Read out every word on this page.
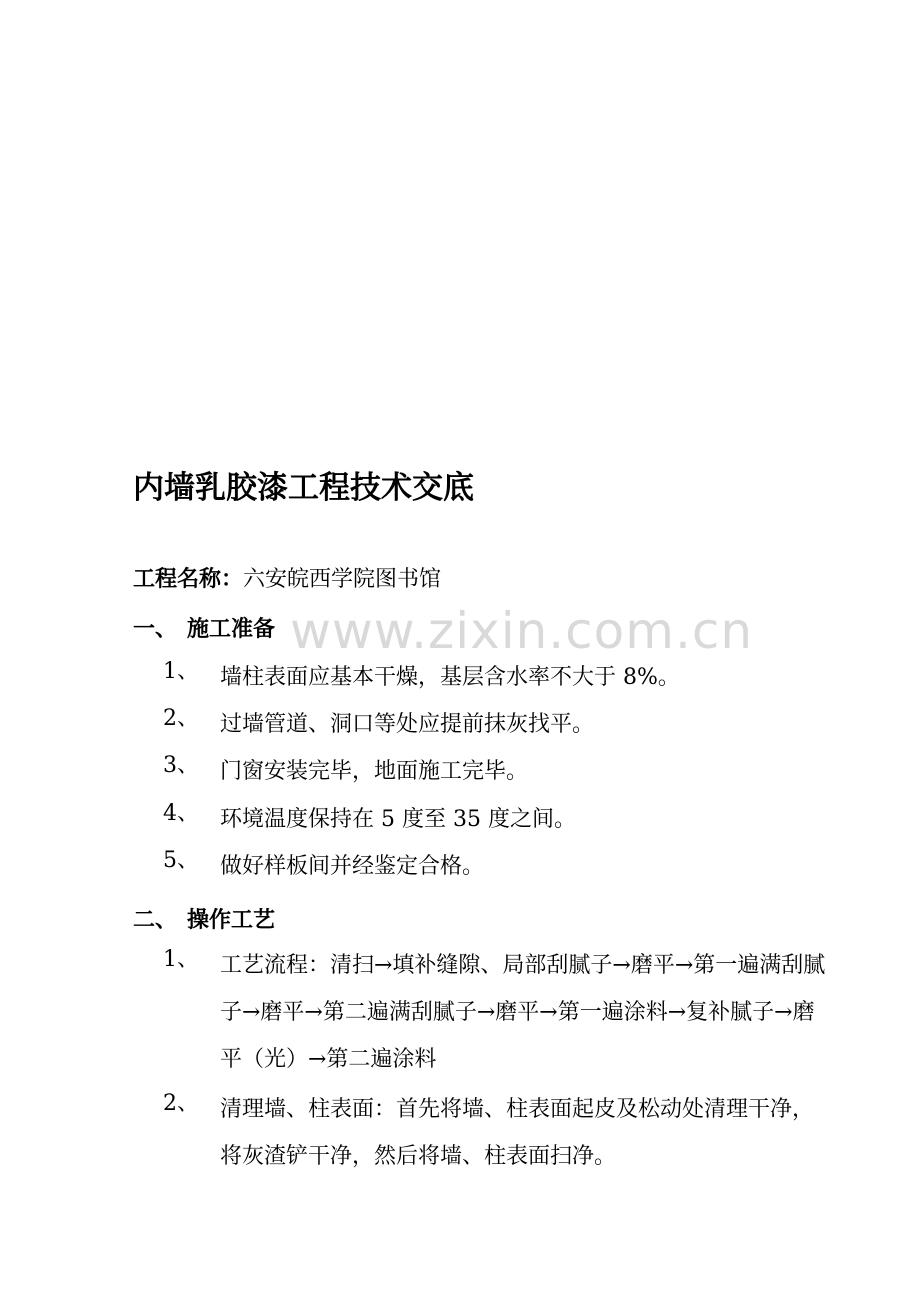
www.zixin.com.cn
内墙乳胶漆工程技术交底
工程名称：六安皖西学院图书馆
一、 施工准备
1、 墙柱表面应基本干燥，基层含水率不大于 8%。
2、 过墙管道、洞口等处应提前抹灰找平。
3、 门窗安装完毕，地面施工完毕。
4、 环境温度保持在 5 度至 35 度之间。
5、 做好样板间并经鉴定合格。
二、 操作工艺
1、 工艺流程：清扫→填补缝隙、局部刮腻子→磨平→第一遍满刮腻子→磨平→第二遍满刮腻子→磨平→第一遍涂料→复补腻子→磨平（光）→第二遍涂料
2、 清理墙、柱表面：首先将墙、柱表面起皮及松动处清理干净，将灰渣铲干净，然后将墙、柱表面扫净。
